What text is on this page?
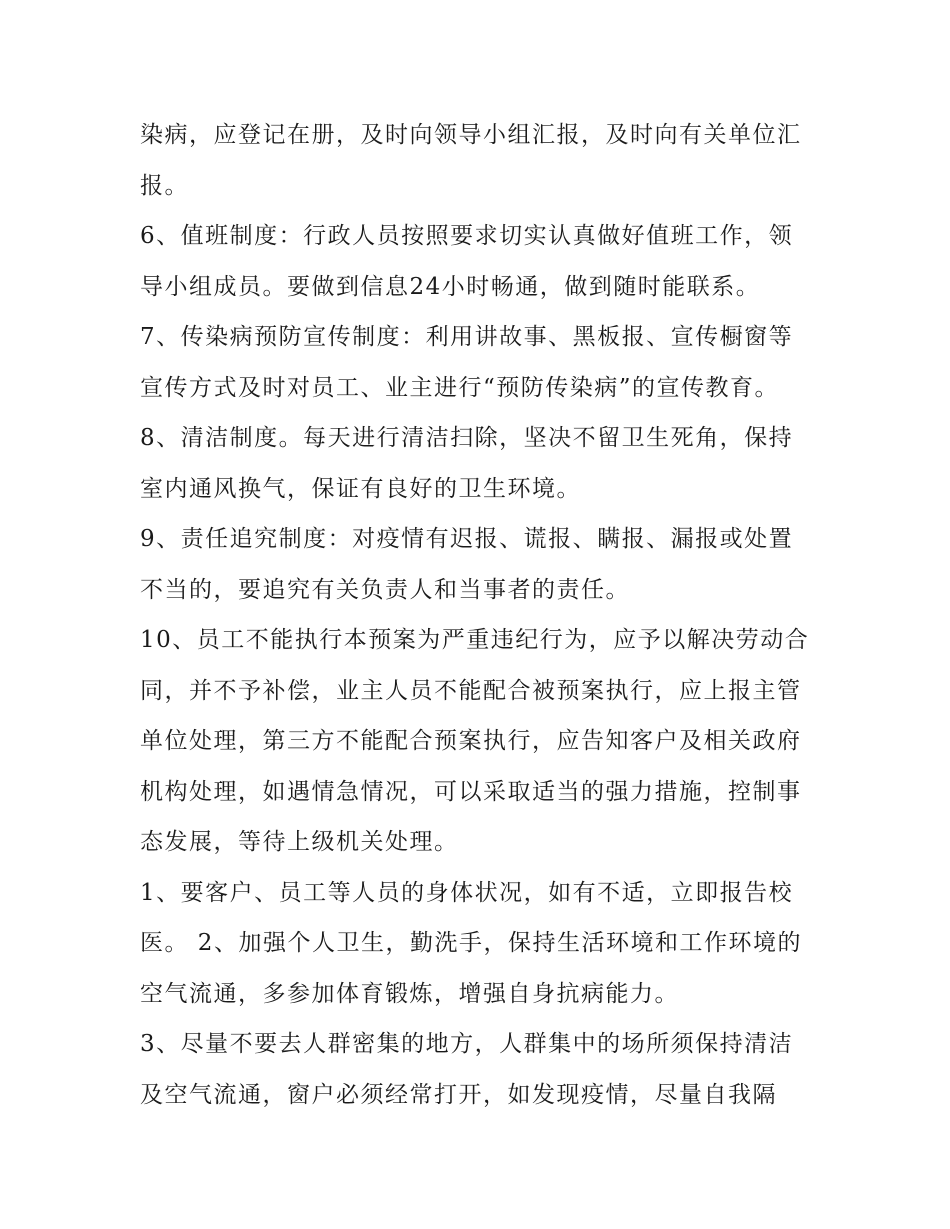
染病，应登记在册，及时向领导小组汇报，及时向有关单位汇
报。
6、值班制度：行政人员按照要求切实认真做好值班工作，领
导小组成员。要做到信息24小时畅通，做到随时能联系。
7、传染病预防宣传制度：利用讲故事、黑板报、宣传橱窗等
宣传方式及时对员工、业主进行“预防传染病”的宣传教育。
8、清洁制度。每天进行清洁扫除，坚决不留卫生死角，保持
室内通风换气，保证有良好的卫生环境。
9、责任追究制度：对疫情有迟报、谎报、瞒报、漏报或处置
不当的，要追究有关负责人和当事者的责任。
10、员工不能执行本预案为严重违纪行为，应予以解决劳动合
同，并不予补偿，业主人员不能配合被预案执行，应上报主管
单位处理，第三方不能配合预案执行，应告知客户及相关政府
机构处理，如遇情急情况，可以采取适当的强力措施，控制事
态发展，等待上级机关处理。
1、要客户、员工等人员的身体状况，如有不适，立即报告校
医。 2、加强个人卫生，勤洗手，保持生活环境和工作环境的
空气流通，多参加体育锻炼，增强自身抗病能力。
3、尽量不要去人群密集的地方，人群集中的场所须保持清洁
及空气流通，窗户必须经常打开，如发现疫情，尽量自我隔
